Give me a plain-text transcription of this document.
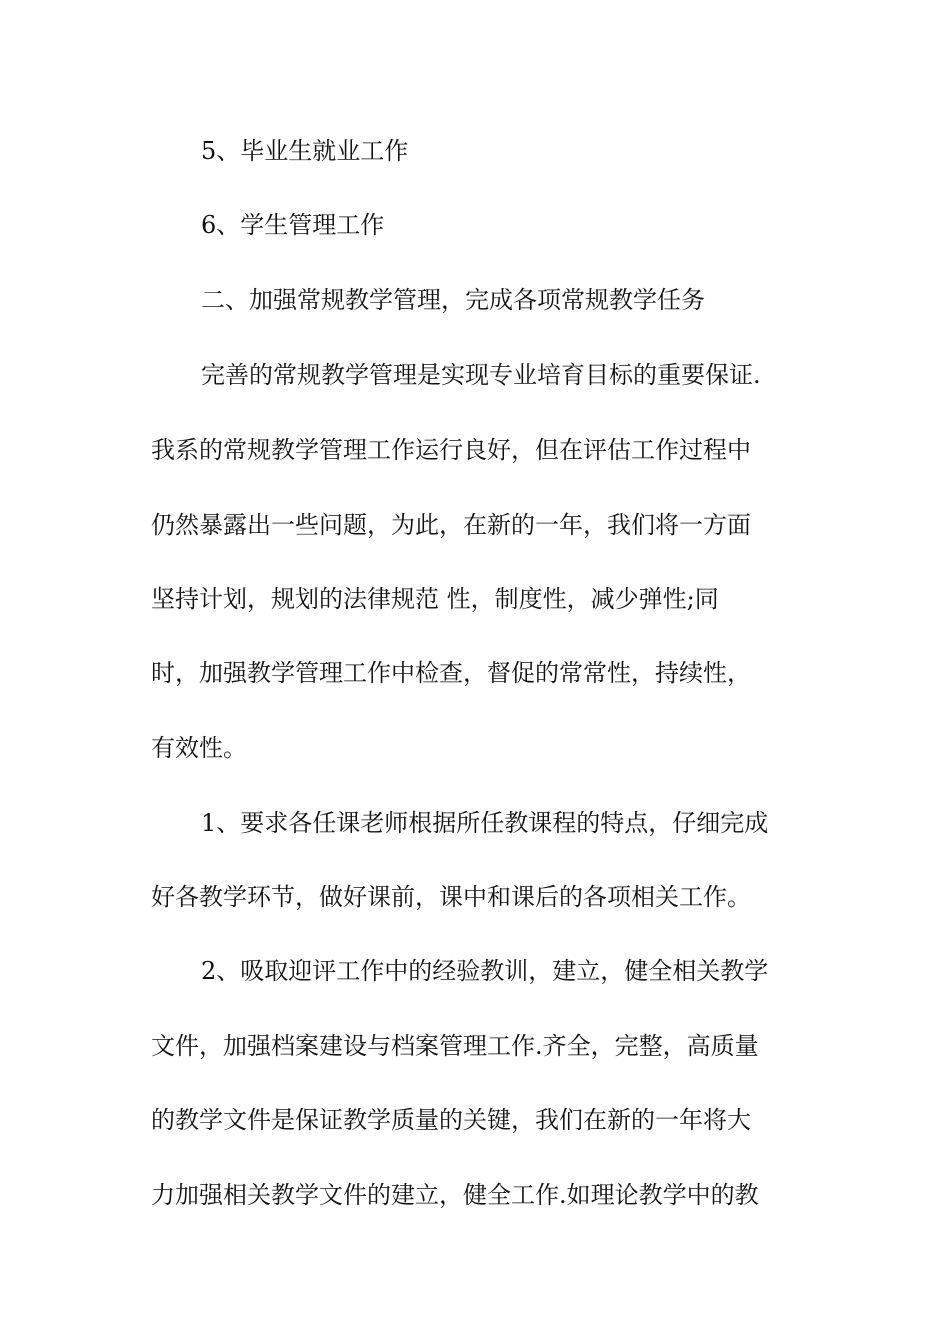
5、毕业生就业工作
6、学生管理工作
二、加强常规教学管理，完成各项常规教学任务
完善的常规教学管理是实现专业培育目标的重要保证.
我系的常规教学管理工作运行良好，但在评估工作过程中
仍然暴露出一些问题，为此，在新的一年，我们将一方面
坚持计划，规划的法律规范 性，制度性，减少弹性;同
时，加强教学管理工作中检查，督促的常常性，持续性，
有效性。
1、要求各任课老师根据所任教课程的特点，仔细完成
好各教学环节，做好课前，课中和课后的各项相关工作。
2、吸取迎评工作中的经验教训，建立，健全相关教学
文件，加强档案建设与档案管理工作.齐全，完整，高质量
的教学文件是保证教学质量的关键，我们在新的一年将大
力加强相关教学文件的建立，健全工作.如理论教学中的教
